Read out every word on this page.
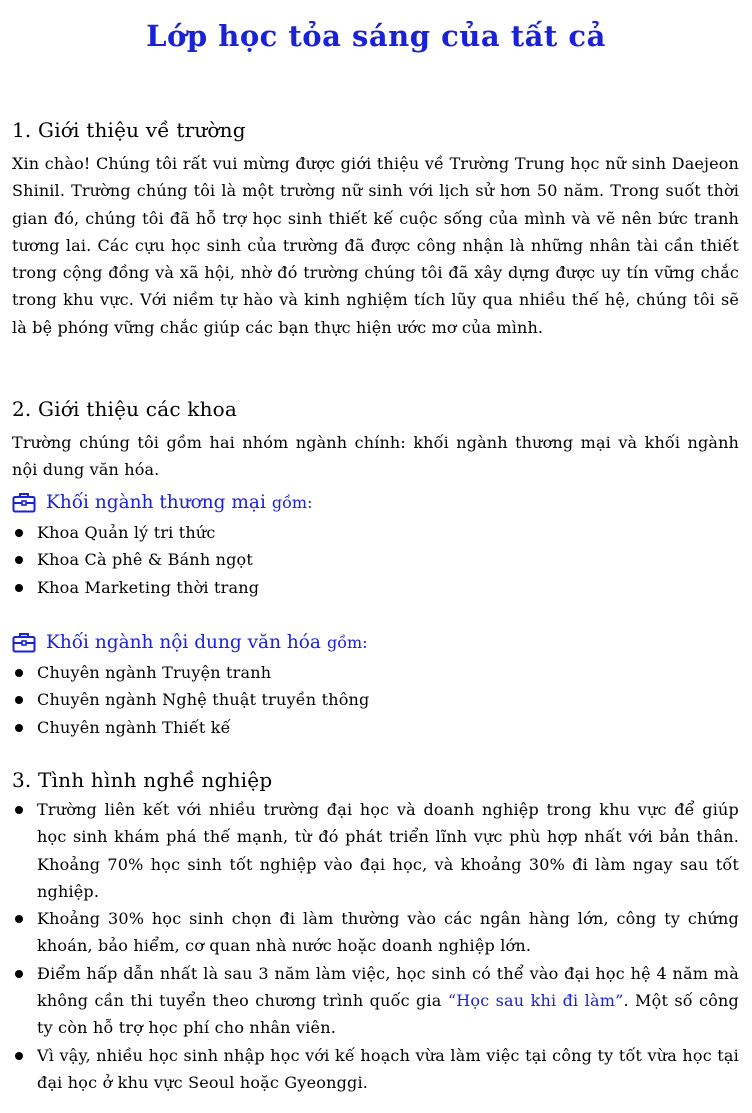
Lớp học tỏa sáng của tất cả
1. Giới thiệu về trường

Xin chào! Chúng tôi rất vui mừng được giới thiệu về Trường Trung học nữ sinh Daejeon Shinil. Trường chúng tôi là một trường nữ sinh với lịch sử hơn 50 năm. Trong suốt thời gian đó, chúng tôi đã hỗ trợ học sinh thiết kế cuộc sống của mình và vẽ nên bức tranh tương lai. Các cựu học sinh của trường đã được công nhận là những nhân tài cần thiết trong cộng đồng và xã hội, nhờ đó trường chúng tôi đã xây dựng được uy tín vững chắc trong khu vực. Với niềm tự hào và kinh nghiệm tích lũy qua nhiều thế hệ, chúng tôi sẽ là bệ phóng vững chắc giúp các bạn thực hiện ước mơ của mình.

2. Giới thiệu các khoa

Trường chúng tôi gồm hai nhóm ngành chính: khối ngành thương mại và khối ngành nội dung văn hóa.

Khối ngành thương mại gồm:
Khoa Quản lý tri thức
Khoa Cà phê & Bánh ngọt
Khoa Marketing thời trang
Khối ngành nội dung văn hóa gồm:
Chuyên ngành Truyện tranh
Chuyên ngành Nghệ thuật truyền thông
Chuyên ngành Thiết kế
3. Tình hình nghề nghiệp
Trường liên kết với nhiều trường đại học và doanh nghiệp trong khu vực để giúp học sinh khám phá thế mạnh, từ đó phát triển lĩnh vực phù hợp nhất với bản thân. Khoảng 70% học sinh tốt nghiệp vào đại học, và khoảng 30% đi làm ngay sau tốt nghiệp.
Khoảng 30% học sinh chọn đi làm thường vào các ngân hàng lớn, công ty chứng khoán, bảo hiểm, cơ quan nhà nước hoặc doanh nghiệp lớn.
Điểm hấp dẫn nhất là sau 3 năm làm việc, học sinh có thể vào đại học hệ 4 năm mà không cần thi tuyển theo chương trình quốc gia “Học sau khi đi làm”. Một số công ty còn hỗ trợ học phí cho nhân viên.
Vì vậy, nhiều học sinh nhập học với kế hoạch vừa làm việc tại công ty tốt vừa học tại đại học ở khu vực Seoul hoặc Gyeonggi.
